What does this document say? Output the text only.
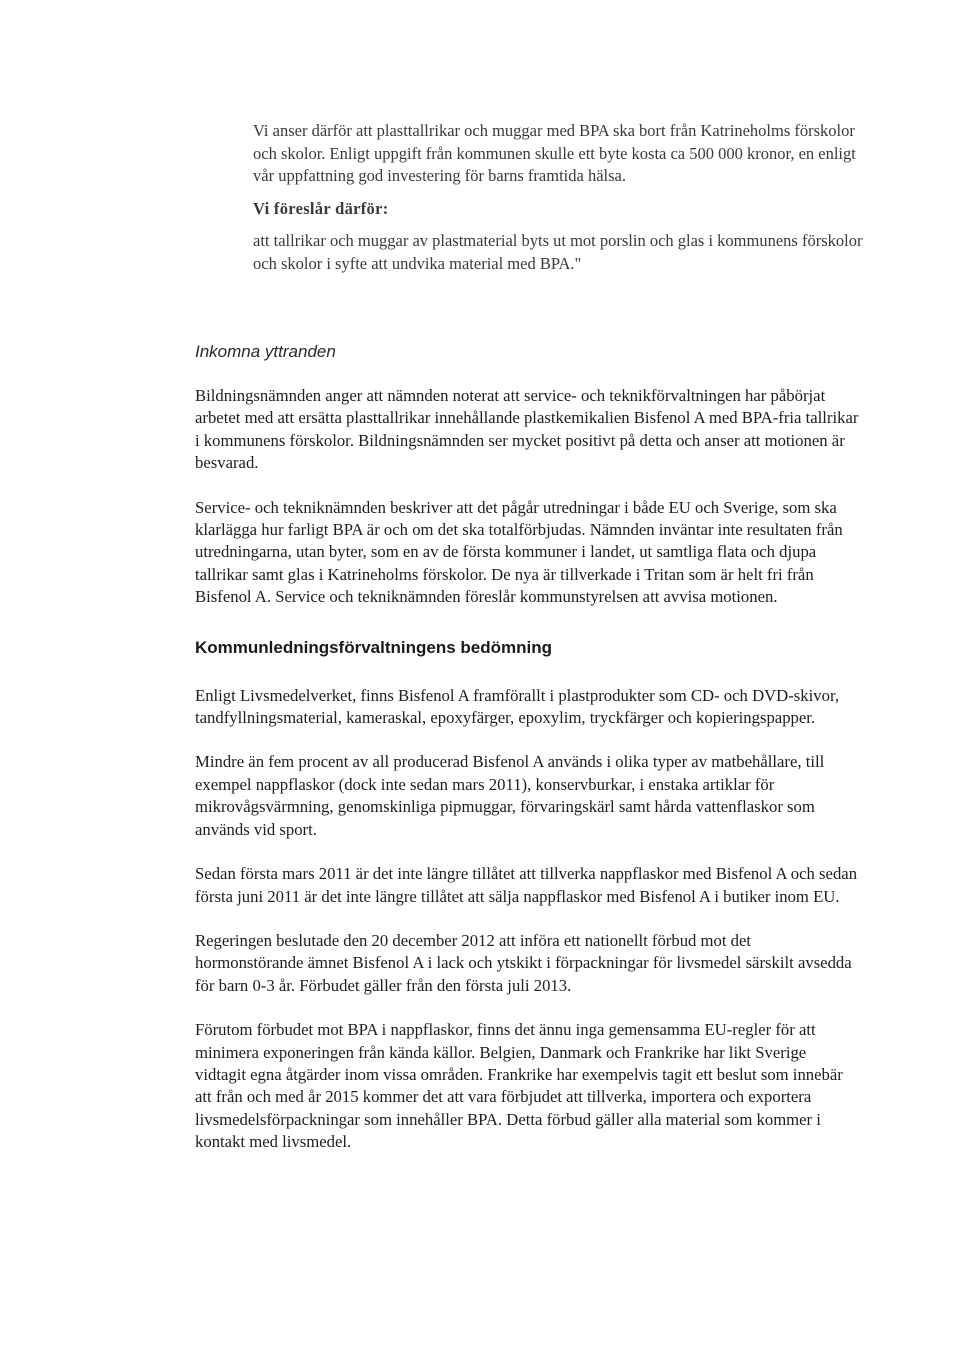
Vi anser därför att plasttallrikar och muggar med BPA ska bort från Katrineholms förskolor och skolor. Enligt uppgift från kommunen skulle ett byte kosta ca 500 000 kronor, en enligt vår uppfattning god investering för barns framtida hälsa.

Vi föreslår därför:

att tallrikar och muggar av plastmaterial byts ut mot porslin och glas i kommunens förskolor och skolor i syfte att undvika material med BPA."

Inkomna yttranden

Bildningsnämnden anger att nämnden noterat att service- och teknikförvaltningen har påbörjat arbetet med att ersätta plasttallrikar innehållande plastkemikalien Bisfenol A med BPA-fria tallrikar i kommunens förskolor. Bildningsnämnden ser mycket positivt på detta och anser att motionen är besvarad.

Service- och tekniknämnden beskriver att det pågår utredningar i både EU och Sverige, som ska klarlägga hur farligt BPA är och om det ska totalförbjudas. Nämnden inväntar inte resultaten från utredningarna, utan byter, som en av de första kommuner i landet, ut samtliga flata och djupa tallrikar samt glas i Katrineholms förskolor. De nya är tillverkade i Tritan som är helt fri från Bisfenol A. Service och tekniknämnden föreslår kommunstyrelsen att avvisa motionen.

Kommunledningsförvaltningens bedömning

Enligt Livsmedelverket, finns Bisfenol A framförallt i plastprodukter som CD- och DVD-skivor, tandfyllningsmaterial, kameraskal, epoxyfärger, epoxylim, tryckfärger och kopieringspapper.

Mindre än fem procent av all producerad Bisfenol A används i olika typer av matbehållare, till exempel nappflaskor (dock inte sedan mars 2011), konservburkar, i enstaka artiklar för mikrovågsvärmning, genomskinliga pipmuggar, förvaringskärl samt hårda vattenflaskor som används vid sport.

Sedan första mars 2011 är det inte längre tillåtet att tillverka nappflaskor med Bisfenol A och sedan första juni 2011 är det inte längre tillåtet att sälja nappflaskor med Bisfenol A i butiker inom EU.

Regeringen beslutade den 20 december 2012 att införa ett nationellt förbud mot det hormonstörande ämnet Bisfenol A i lack och ytskikt i förpackningar för livsmedel särskilt avsedda för barn 0-3 år. Förbudet gäller från den första juli 2013.

Förutom förbudet mot BPA i nappflaskor, finns det ännu inga gemensamma EU-regler för att minimera exponeringen från kända källor. Belgien, Danmark och Frankrike har likt Sverige vidtagit egna åtgärder inom vissa områden. Frankrike har exempelvis tagit ett beslut som innebär att från och med år 2015 kommer det att vara förbjudet att tillverka, importera och exportera livsmedelsförpackningar som innehåller BPA. Detta förbud gäller alla material som kommer i kontakt med livsmedel.
